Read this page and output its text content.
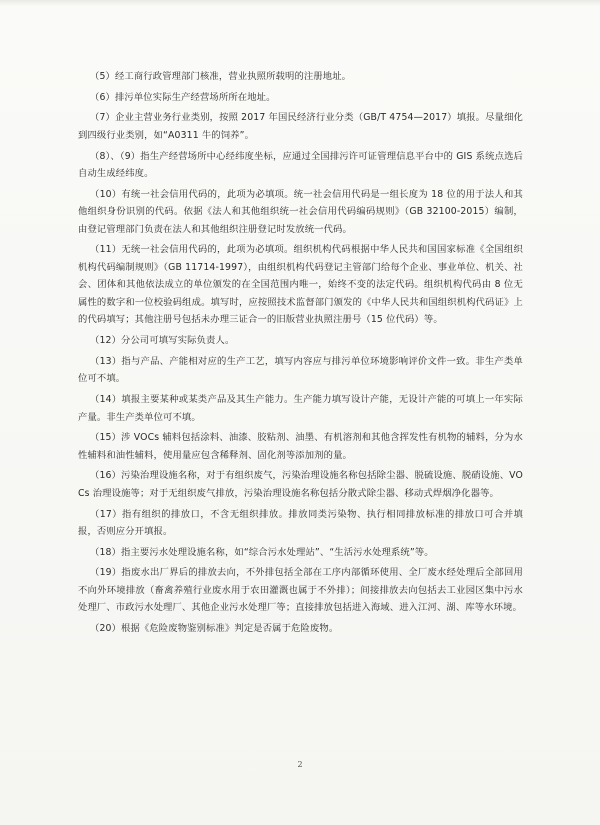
（5）经工商行政管理部门核准，营业执照所载明的注册地址。

（6）排污单位实际生产经营场所所在地址。

（7）企业主营业务行业类别，按照 2017 年国民经济行业分类（GB/T 4754—2017）填报。尽量细化到四级行业类别，如“A0311 牛的饲养”。

（8）、（9）指生产经营场所中心经纬度坐标，应通过全国排污许可证管理信息平台中的 GIS 系统点选后自动生成经纬度。

（10）有统一社会信用代码的，此项为必填项。统一社会信用代码是一组长度为 18 位的用于法人和其他组织身份识别的代码。依据《法人和其他组织统一社会信用代码编码规则》（GB 32100-2015）编制，由登记管理部门负责在法人和其他组织注册登记时发放统一代码。

（11）无统一社会信用代码的，此项为必填项。组织机构代码根据中华人民共和国国家标准《全国组织机构代码编制规则》（GB 11714-1997），由组织机构代码登记主管部门给每个企业、事业单位、机关、社会、团体和其他依法成立的单位颁发的在全国范围内唯一，始终不变的法定代码。组织机构代码由 8 位无属性的数字和一位校验码组成。填写时，应按照技术监督部门颁发的《中华人民共和国组织机构代码证》上的代码填写；其他注册号包括未办理三证合一的旧版营业执照注册号（15 位代码）等。

（12）分公司可填写实际负责人。

（13）指与产品、产能相对应的生产工艺，填写内容应与排污单位环境影响评价文件一致。非生产类单位可不填。

（14）填报主要某种或某类产品及其生产能力。生产能力填写设计产能，无设计产能的可填上一年实际产量。非生产类单位可不填。

（15）涉 VOCs 辅料包括涂料、油漆、胶粘剂、油墨、有机溶剂和其他含挥发性有机物的辅料，分为水性辅料和油性辅料，使用量应包含稀释剂、固化剂等添加剂的量。

（16）污染治理设施名称，对于有组织废气，污染治理设施名称包括除尘器、脱硫设施、脱硝设施、VOCs 治理设施等；对于无组织废气排放，污染治理设施名称包括分散式除尘器、移动式焊烟净化器等。

（17）指有组织的排放口，不含无组织排放。排放同类污染物、执行相同排放标准的排放口可合并填报，否则应分开填报。

（18）指主要污水处理设施名称，如“综合污水处理站”、“生活污水处理系统”等。

（19）指废水出厂界后的排放去向，不外排包括全部在工序内部循环使用、全厂废水经处理后全部回用不向外环境排放（畜禽养殖行业废水用于农田灌溉也属于不外排）；间接排放去向包括去工业园区集中污水处理厂、市政污水处理厂、其他企业污水处理厂等；直接排放包括进入海域、进入江河、湖、库等水环境。

（20）根据《危险废物鉴别标准》判定是否属于危险废物。

2
